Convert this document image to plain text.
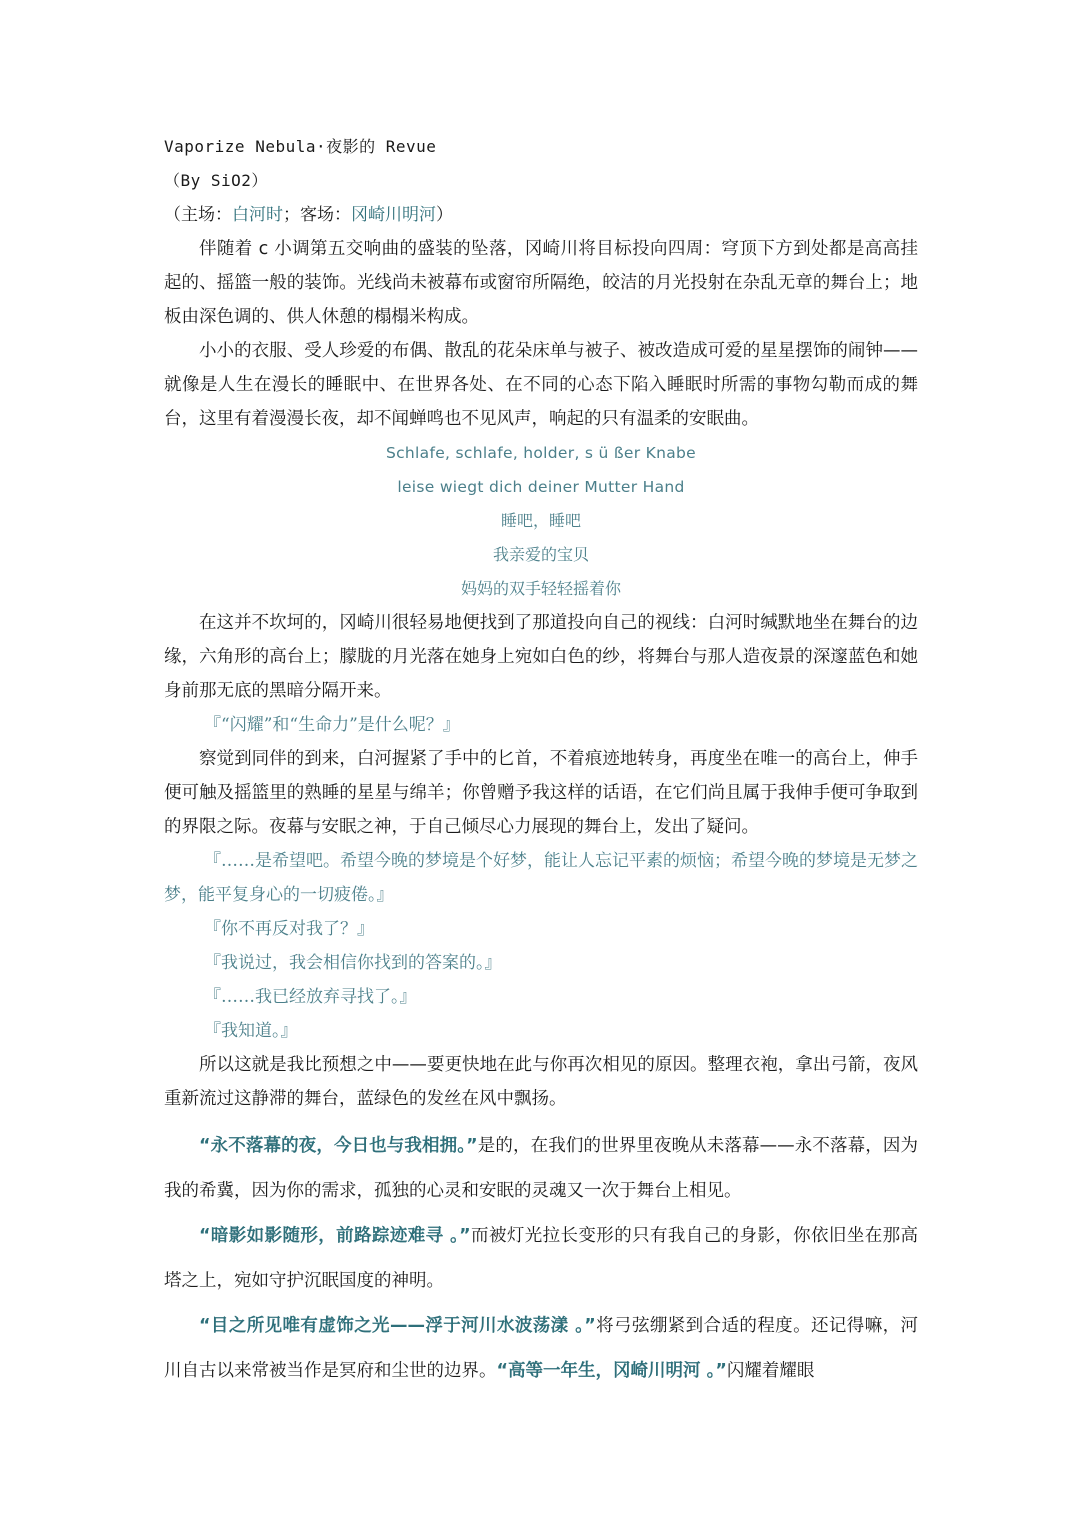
Vaporize Nebula·夜影的 Revue

（By SiO2）

（主场：白河时；客场：冈崎川明河）

伴随着 c 小调第五交响曲的盛装的坠落，冈崎川将目标投向四周：穹顶下方到处都是高高挂起的、摇篮一般的装饰。光线尚未被幕布或窗帘所隔绝，皎洁的月光投射在杂乱无章的舞台上；地板由深色调的、供人休憩的榻榻米构成。

小小的衣服、受人珍爱的布偶、散乱的花朵床单与被子、被改造成可爱的星星摆饰的闹钟——就像是人生在漫长的睡眠中、在世界各处、在不同的心态下陷入睡眠时所需的事物勾勒而成的舞台，这里有着漫漫长夜，却不闻蝉鸣也不见风声，响起的只有温柔的安眠曲。

Schlafe, schlafe, holder, s ü ßer Knabe

leise wiegt dich deiner Mutter Hand

睡吧，睡吧

我亲爱的宝贝

妈妈的双手轻轻摇着你

在这并不坎坷的，冈崎川很轻易地便找到了那道投向自己的视线：白河时缄默地坐在舞台的边缘，六角形的高台上；朦胧的月光落在她身上宛如白色的纱，将舞台与那人造夜景的深邃蓝色和她身前那无底的黑暗分隔开来。

『“闪耀”和“生命力”是什么呢？』

察觉到同伴的到来，白河握紧了手中的匕首，不着痕迹地转身，再度坐在唯一的高台上，伸手便可触及摇篮里的熟睡的星星与绵羊；你曾赠予我这样的话语，在它们尚且属于我伸手便可争取到的界限之际。夜幕与安眠之神，于自己倾尽心力展现的舞台上，发出了疑问。

『……是希望吧。希望今晚的梦境是个好梦，能让人忘记平素的烦恼；希望今晚的梦境是无梦之梦，能平复身心的一切疲倦。』

『你不再反对我了？』

『我说过，我会相信你找到的答案的。』

『……我已经放弃寻找了。』

『我知道。』

所以这就是我比预想之中——要更快地在此与你再次相见的原因。整理衣袍，拿出弓箭，夜风重新流过这静滞的舞台，蓝绿色的发丝在风中飘扬。

“永不落幕的夜，今日也与我相拥。”是的，在我们的世界里夜晚从未落幕——永不落幕，因为我的希冀，因为你的需求，孤独的心灵和安眠的灵魂又一次于舞台上相见。

“暗影如影随形，前路踪迹难寻 。”而被灯光拉长变形的只有我自己的身影，你依旧坐在那高塔之上，宛如守护沉眠国度的神明。

“目之所见唯有虚饰之光——浮于河川水波荡漾 。”将弓弦绷紧到合适的程度。还记得嘛，河川自古以来常被当作是冥府和尘世的边界。“高等一年生，冈崎川明河 。”闪耀着耀眼
